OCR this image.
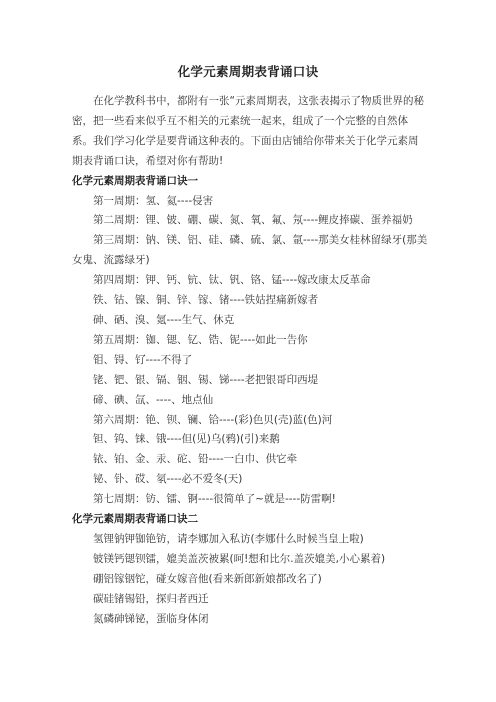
化学元素周期表背诵口诀

在化学教科书中，都附有一张“元素周期表，这张表揭示了物质世界的秘密，把一些看来似乎互不相关的元素统一起来，组成了一个完整的自然体系。我们学习化学是要背诵这种表的。下面由店铺给你带来关于化学元素周期表背诵口诀，希望对你有帮助!

化学元素周期表背诵口诀一

第一周期：氢、氦----侵害

第二周期：锂、铍、硼、碳、氮、氧、氟、氖----鲤皮捧碳、蛋养福奶

第三周期：钠、镁、铝、硅、磷、硫、氯、氩----那美女桂林留绿牙(那美女鬼、流露绿牙)

第四周期：钾、钙、钪、钛、钒、铬、锰----嫁改康太反革命

铁、钴、镍、铜、锌、镓、锗----铁姑捏痛新嫁者

砷、硒、溴、氪----生气、休克

第五周期：铷、锶、钇、锆、铌----如此一告你

钼、锝、钌----不得了

铑、钯、银、镉、铟、锡、锑----老把银哥印西堤

碲、碘、氙、----、地点仙

第六周期：铯、钡、镧、铪----(彩)色贝(壳)蓝(色)河

钽、钨、铼、锇----但(见)乌(鸦)(引)来鹅

铱、铂、金、汞、砣、铅----一白巾、供它牵

铋、钋、砹、氡----必不爱冬(天)

第七周期：钫、镭、锕----很简单了~就是----防雷啊!

化学元素周期表背诵口诀二

氢锂钠钾铷铯钫，请李娜加入私访(李娜什么时候当皇上啦)

铍镁钙锶钡镭，媲美盖茨被累(呵!想和比尔.盖茨媲美,小心累着)

硼铝镓铟铊，碰女嫁音他(看来新郎新娘都改名了)

碳硅锗锡铅，探归者西迁

氮磷砷锑铋，蛋临身体闭
